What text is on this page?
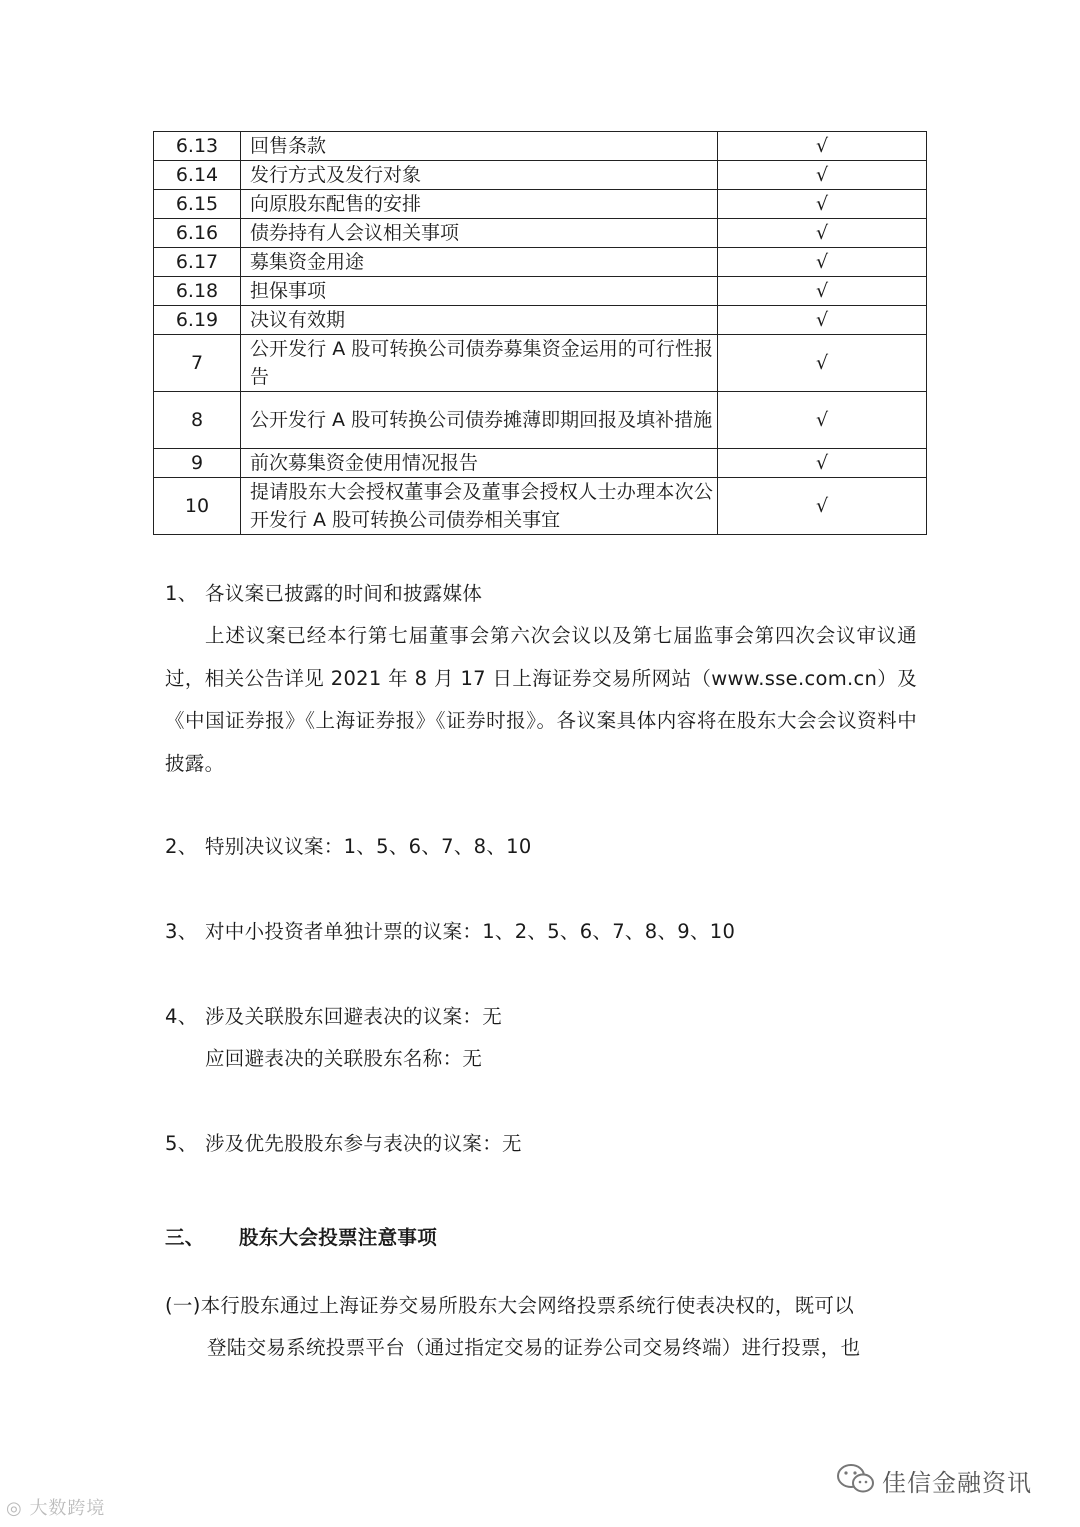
6.13	回售条款	√
6.14	发行方式及发行对象	√
6.15	向原股东配售的安排	√
6.16	债券持有人会议相关事项	√
6.17	募集资金用途	√
6.18	担保事项	√
6.19	决议有效期	√
7	公开发行 A 股可转换公司债券募集资金运用的可行性报告	√
8	公开发行 A 股可转换公司债券摊薄即期回报及填补措施	√
9	前次募集资金使用情况报告	√
10	提请股东大会授权董事会及董事会授权人士办理本次公开发行 A 股可转换公司债券相关事宜	√
1、 各议案已披露的时间和披露媒体
上述议案已经本行第七届董事会第六次会议以及第七届监事会第四次会议审议通过，相关公告详见 2021 年 8 月 17 日上海证券交易所网站（www.sse.com.cn）及《中国证券报》《上海证券报》《证券时报》。各议案具体内容将在股东大会会议资料中披露。
2、 特别决议议案：1、5、6、7、8、10
3、 对中小投资者单独计票的议案：1、2、5、6、7、8、9、10
4、 涉及关联股东回避表决的议案：无
应回避表决的关联股东名称：无
5、 涉及优先股股东参与表决的议案：无
三、 股东大会投票注意事项
(一)本行股东通过上海证券交易所股东大会网络投票系统行使表决权的，既可以
登陆交易系统投票平台（通过指定交易的证券公司交易终端）进行投票，也
佳信金融资讯
◎ 大数跨境
